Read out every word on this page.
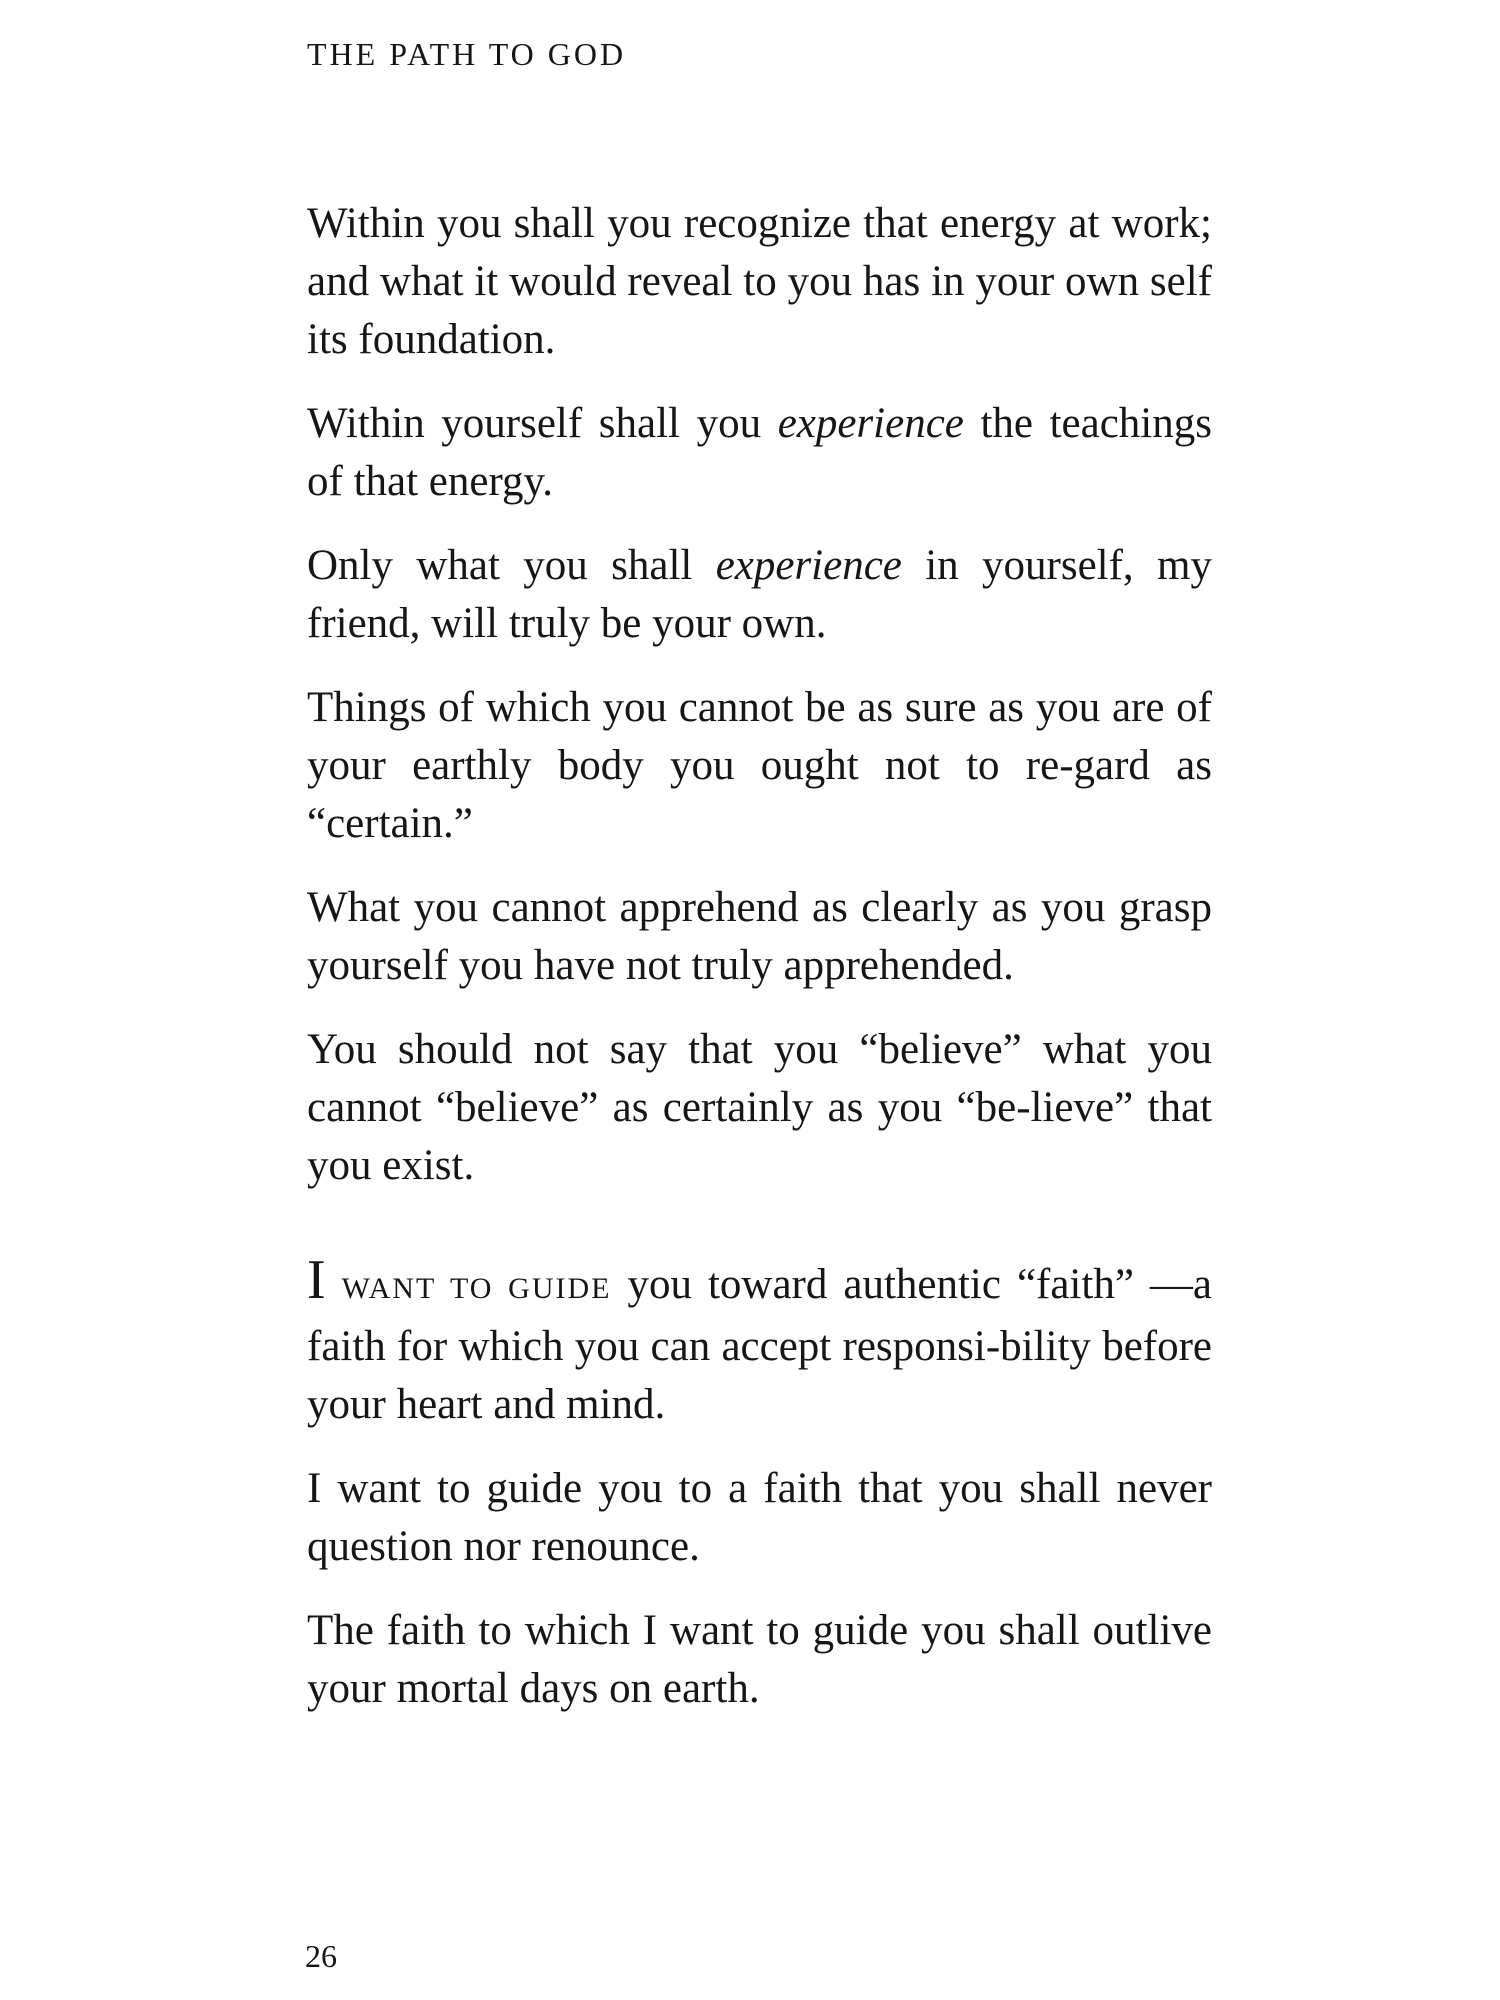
THE PATH TO GOD

Within you shall you recognize that energy at work; and what it would reveal to you has in your own self its foundation.

Within yourself shall you experience the teachings of that energy.

Only what you shall experience in yourself, my friend, will truly be your own.

Things of which you cannot be as sure as you are of your earthly body you ought not to re-gard as “certain.”

What you cannot apprehend as clearly as you grasp yourself you have not truly apprehended.

You should not say that you “believe” what you cannot “believe” as certainly as you “be-lieve” that you exist.

I WANT TO GUIDE you toward authentic “faith” —a faith for which you can accept responsi-bility before your heart and mind.

I want to guide you to a faith that you shall never question nor renounce.

The faith to which I want to guide you shall outlive your mortal days on earth.

26
